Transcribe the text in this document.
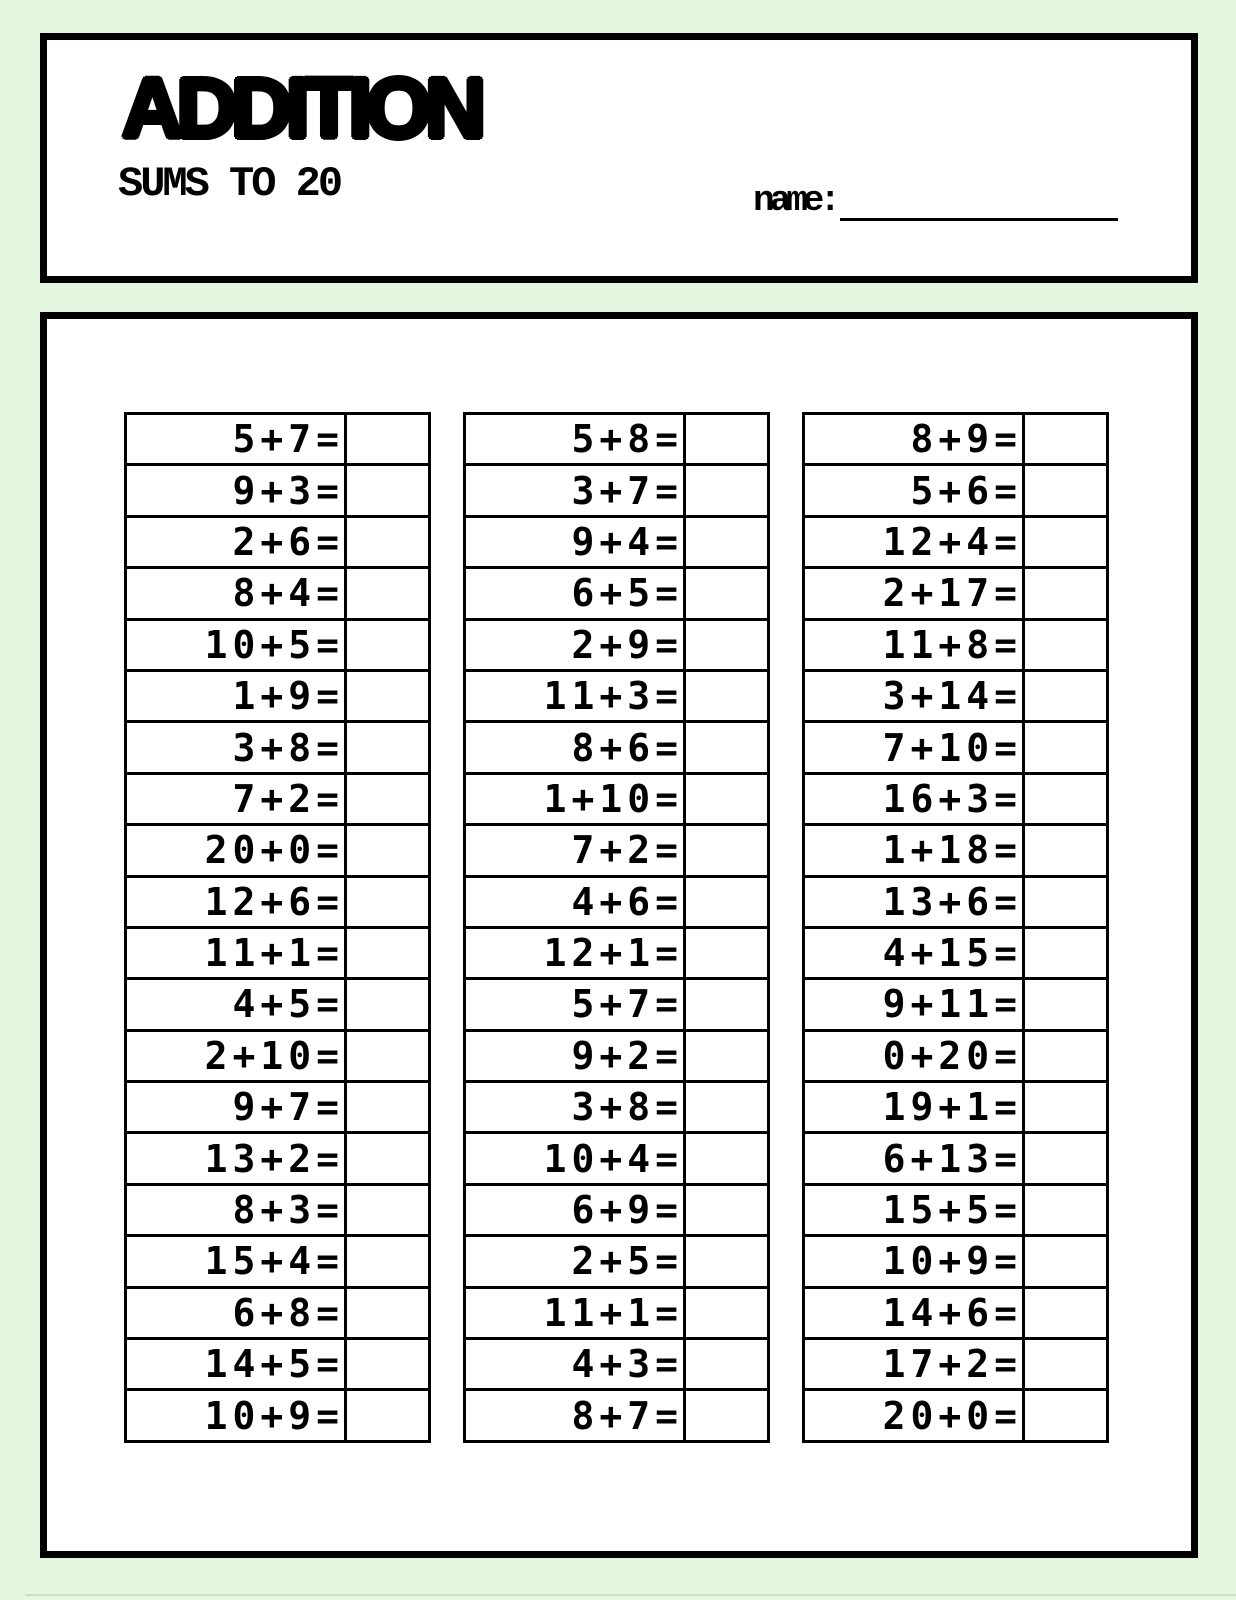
ADDITION
SUMS TO 20	name:
5+7=	
9+3=	
2+6=	
8+4=	
10+5=	
1+9=	
3+8=	
7+2=	
20+0=	
12+6=	
11+1=	
4+5=	
2+10=	
9+7=	
13+2=	
8+3=	
15+4=	
6+8=	
14+5=	
10+9=	
5+8=	
3+7=	
9+4=	
6+5=	
2+9=	
11+3=	
8+6=	
1+10=	
7+2=	
4+6=	
12+1=	
5+7=	
9+2=	
3+8=	
10+4=	
6+9=	
2+5=	
11+1=	
4+3=	
8+7=	
8+9=	
5+6=	
12+4=	
2+17=	
11+8=	
3+14=	
7+10=	
16+3=	
1+18=	
13+6=	
4+15=	
9+11=	
0+20=	
19+1=	
6+13=	
15+5=	
10+9=	
14+6=	
17+2=	
20+0=	
